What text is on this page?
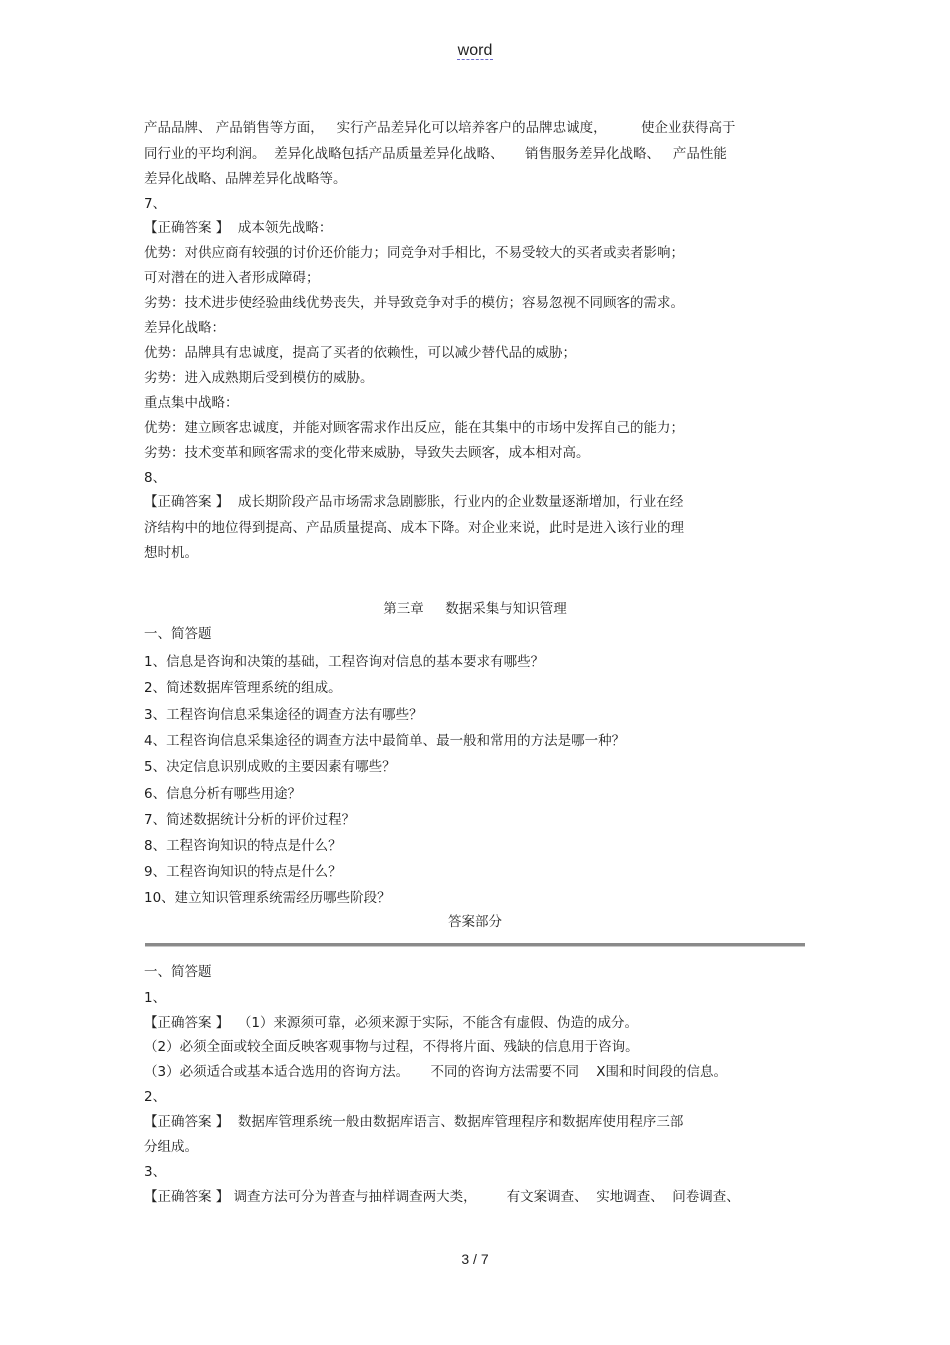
word
产品品牌、 产品销售等方面，   实行产品差异化可以培养客户的品牌忠诚度，        使企业获得高于
同行业的平均利润。  差异化战略包括产品质量差异化战略、     销售服务差异化战略、   产品性能
差异化战略、品牌差异化战略等。
7、
【正确答案 】  成本领先战略：
优势：对供应商有较强的讨价还价能力；同竞争对手相比，不易受较大的买者或卖者影响；
可对潜在的进入者形成障碍；
劣势：技术进步使经验曲线优势丧失，并导致竞争对手的模仿；容易忽视不同顾客的需求。
差异化战略：
优势：品牌具有忠诚度，提高了买者的依赖性，可以减少替代品的威胁；
劣势：进入成熟期后受到模仿的威胁。
重点集中战略：
优势：建立顾客忠诚度，并能对顾客需求作出反应，能在其集中的市场中发挥自己的能力；
劣势：技术变革和顾客需求的变化带来威胁，导致失去顾客，成本相对高。
8、
【正确答案 】  成长期阶段产品市场需求急剧膨胀，行业内的企业数量逐渐增加，行业在经
济结构中的地位得到提高、产品质量提高、成本下降。对企业来说，此时是进入该行业的理
想时机。
第三章     数据采集与知识管理
一、简答题
1、信息是咨询和决策的基础，工程咨询对信息的基本要求有哪些？
2、简述数据库管理系统的组成。
3、工程咨询信息采集途径的调查方法有哪些？
4、工程咨询信息采集途径的调查方法中最简单、最一般和常用的方法是哪一种？
5、决定信息识别成败的主要因素有哪些？
6、信息分析有哪些用途？
7、简述数据统计分析的评价过程？
8、工程咨询知识的特点是什么？
9、工程咨询知识的特点是什么？
10、建立知识管理系统需经历哪些阶段？
答案部分
一、简答题
1、
【正确答案 】  （1）来源须可靠，必须来源于实际，不能含有虚假、伪造的成分。
（2）必须全面或较全面反映客观事物与过程，不得将片面、残缺的信息用于咨询。
（3）必须适合或基本适合选用的咨询方法。     不同的咨询方法需要不同    X围和时间段的信息。
2、
【正确答案 】  数据库管理系统一般由数据库语言、数据库管理程序和数据库使用程序三部
分组成。
3、
【正确答案 】 调查方法可分为普查与抽样调查两大类，       有文案调查、  实地调查、  问卷调查、
3 / 7
